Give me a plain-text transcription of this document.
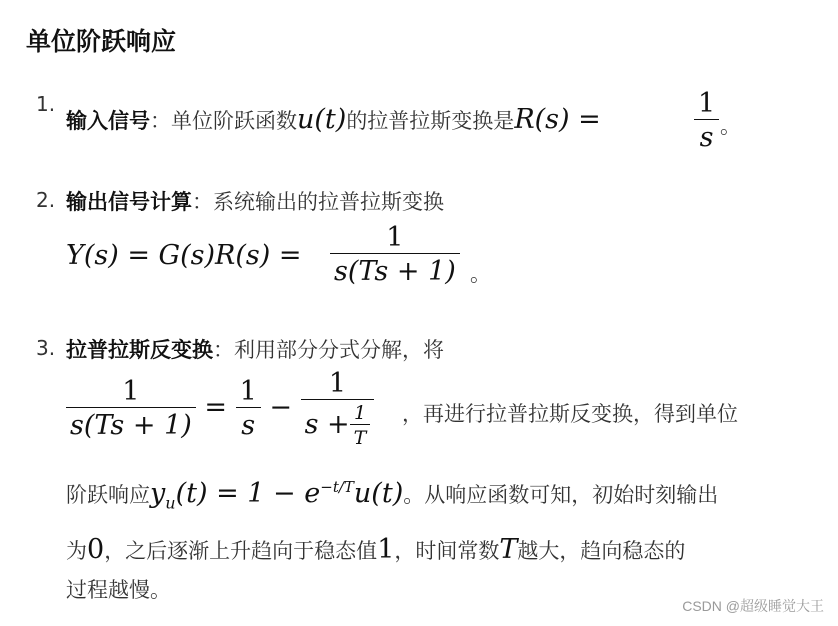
单位阶跃响应
1.
输入信号：单位阶跃函数u(t)的拉普拉斯变换是R(s) =	$\frac{1}{s}$ 。
2. 输出信号计算：系统输出的拉普拉斯变换
$Y(s) = G(s)R(s) = \frac{1}{s(Ts + 1)}$ 。
3. 拉普拉斯反变换：利用部分分式分解，将
$\frac{1}{s(Ts + 1)} = \frac{1}{s} - \frac{1}{s + \frac{1}{T}}$ ，再进行拉普拉斯反变换，得到单位
阶跃响应$y_u(t) = 1 - e^{-t/T}u(t)$。从响应函数可知，初始时刻输出
为0，之后逐渐上升趋向于稳态值1，时间常数T越大，趋向稳态的
过程越慢。
CSDN @超级睡觉大王
